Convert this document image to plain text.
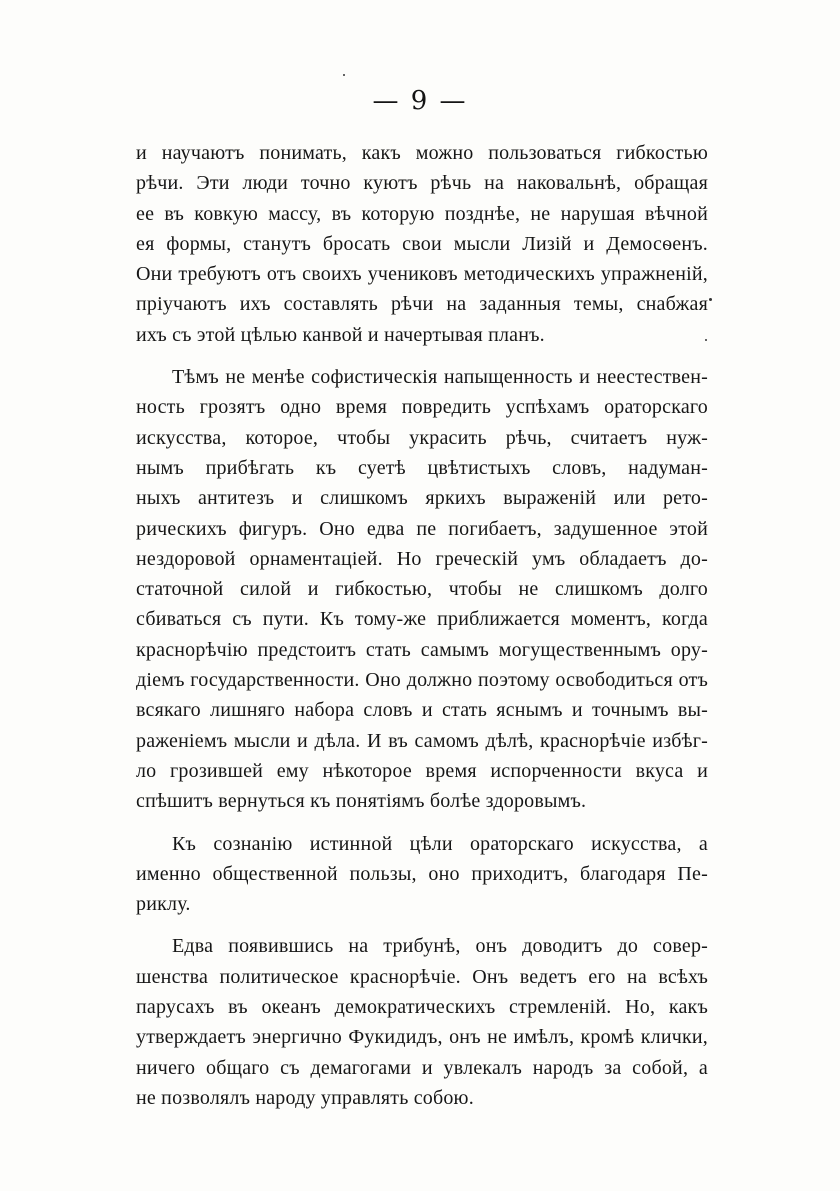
— 9 —
и научаютъ понимать, какъ можно пользоваться гибкостью
рѣчи. Эти люди точно куютъ рѣчь на наковальнѣ, обращая
ее въ ковкую массу, въ которую позднѣе, не нарушая вѣчной
ея формы, станутъ бросать свои мысли Лизій и Демосѳенъ.
Они требуютъ отъ своихъ учениковъ методическихъ упражненій,
пріучаютъ ихъ составлять рѣчи на заданныя темы, снабжая
ихъ съ этой цѣлью канвой и начертывая планъ.
Тѣмъ не менѣе софистическія напыщенность и неестествен-
ность грозятъ одно время повредить успѣхамъ ораторскаго
искусства, которое, чтобы украсить рѣчь, считаетъ нуж-
нымъ прибѣгать къ суетѣ цвѣтистыхъ словъ, надуман-
ныхъ антитезъ и слишкомъ яркихъ выраженій или рето-
рическихъ фигуръ. Оно едва пе погибаетъ, задушенное этой
нездоровой орнаментаціей. Но греческій умъ обладаетъ до-
статочной силой и гибкостью, чтобы не слишкомъ долго
сбиваться съ пути. Къ тому-же приближается моментъ, когда
краснорѣчію предстоитъ стать самымъ могущественнымъ ору-
діемъ государственности. Оно должно поэтому освободиться отъ
всякаго лишняго набора словъ и стать яснымъ и точнымъ вы-
раженіемъ мысли и дѣла. И въ самомъ дѣлѣ, краснорѣчіе избѣг-
ло грозившей ему нѣкоторое время испорченности вкуса и
спѣшитъ вернуться къ понятіямъ болѣе здоровымъ.
Къ сознанію истинной цѣли ораторскаго искусства, а
именно общественной пользы, оно приходитъ, благодаря Пе-
риклу.
Едва появившись на трибунѣ, онъ доводитъ до совер-
шенства политическое краснорѣчіе. Онъ ведетъ его на всѣхъ
парусахъ въ океанъ демократическихъ стремленій. Но, какъ
утверждаетъ энергично Фукидидъ, онъ не имѣлъ, кромѣ клички,
ничего общаго съ демагогами и увлекалъ народъ за собой, а
не позволялъ народу управлять собою.
